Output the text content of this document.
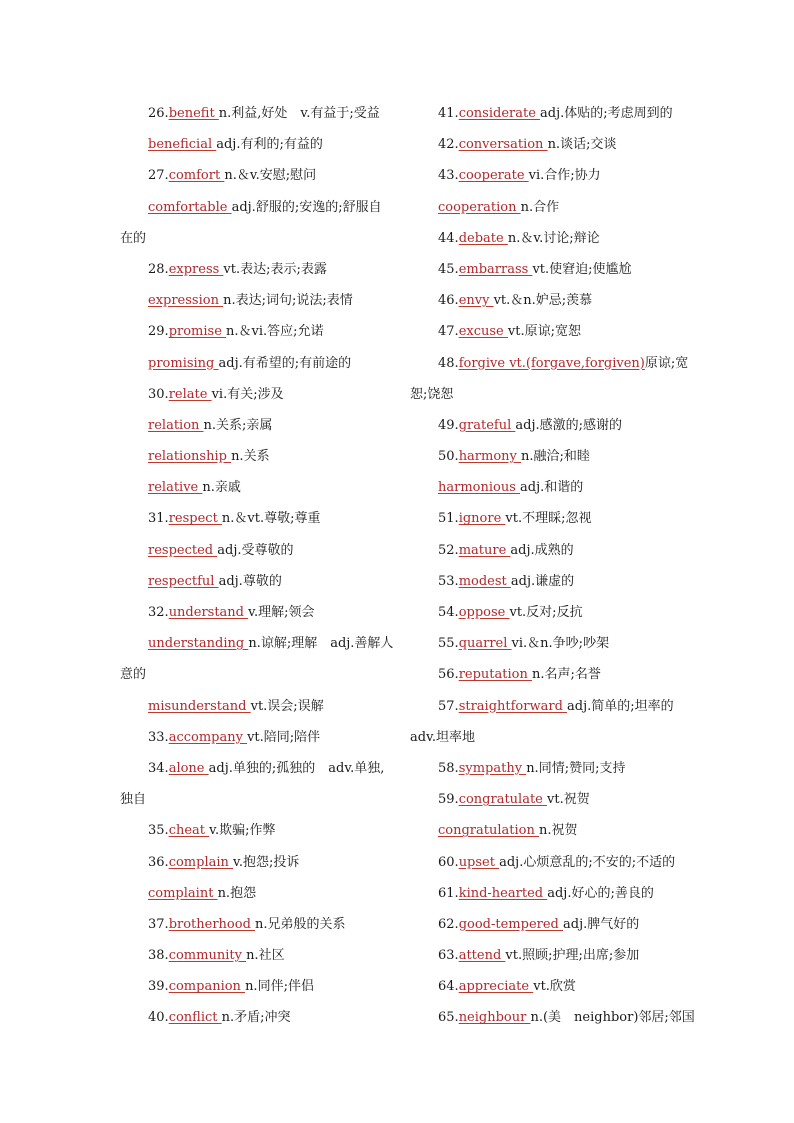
26.benefit n.利益,好处　v.有益于;受益
beneficial adj.有利的;有益的
27.comfort n.＆v.安慰;慰问
comfortable adj.舒服的;安逸的;舒服自
在的
28.express vt.表达;表示;表露
expression n.表达;词句;说法;表情
29.promise n.＆vi.答应;允诺
promising adj.有希望的;有前途的
30.relate vi.有关;涉及
relation n.关系;亲属
relationship n.关系
relative n.亲戚
31.respect n.＆vt.尊敬;尊重
respected adj.受尊敬的
respectful adj.尊敬的
32.understand v.理解;领会
understanding n.谅解;理解　adj.善解人
意的
misunderstand vt.误会;误解
33.accompany vt.陪同;陪伴
34.alone adj.单独的;孤独的　adv.单独,
独自
35.cheat v.欺骗;作弊
36.complain v.抱怨;投诉
complaint n.抱怨
37.brotherhood n.兄弟般的关系
38.community n.社区
39.companion n.同伴;伴侣
40.conflict n.矛盾;冲突
41.considerate adj.体贴的;考虑周到的
42.conversation n.谈话;交谈
43.cooperate vi.合作;协力
cooperation n.合作
44.debate n.＆v.讨论;辩论
45.embarrass vt.使窘迫;使尴尬
46.envy vt.＆n.妒忌;羡慕
47.excuse vt.原谅;宽恕
48.forgive vt.(forgave,forgiven)原谅;宽
恕;饶恕
49.grateful adj.感激的;感谢的
50.harmony n.融洽;和睦
harmonious adj.和谐的
51.ignore vt.不理睬;忽视
52.mature adj.成熟的
53.modest adj.谦虚的
54.oppose vt.反对;反抗
55.quarrel vi.＆n.争吵;吵架
56.reputation n.名声;名誉
57.straightforward adj.简单的;坦率的
adv.坦率地
58.sympathy n.同情;赞同;支持
59.congratulate vt.祝贺
congratulation n.祝贺
60.upset adj.心烦意乱的;不安的;不适的
61.kind-hearted adj.好心的;善良的
62.good-tempered adj.脾气好的
63.attend vt.照顾;护理;出席;参加
64.appreciate vt.欣赏
65.neighbour n.(美　neighbor)邻居;邻国
